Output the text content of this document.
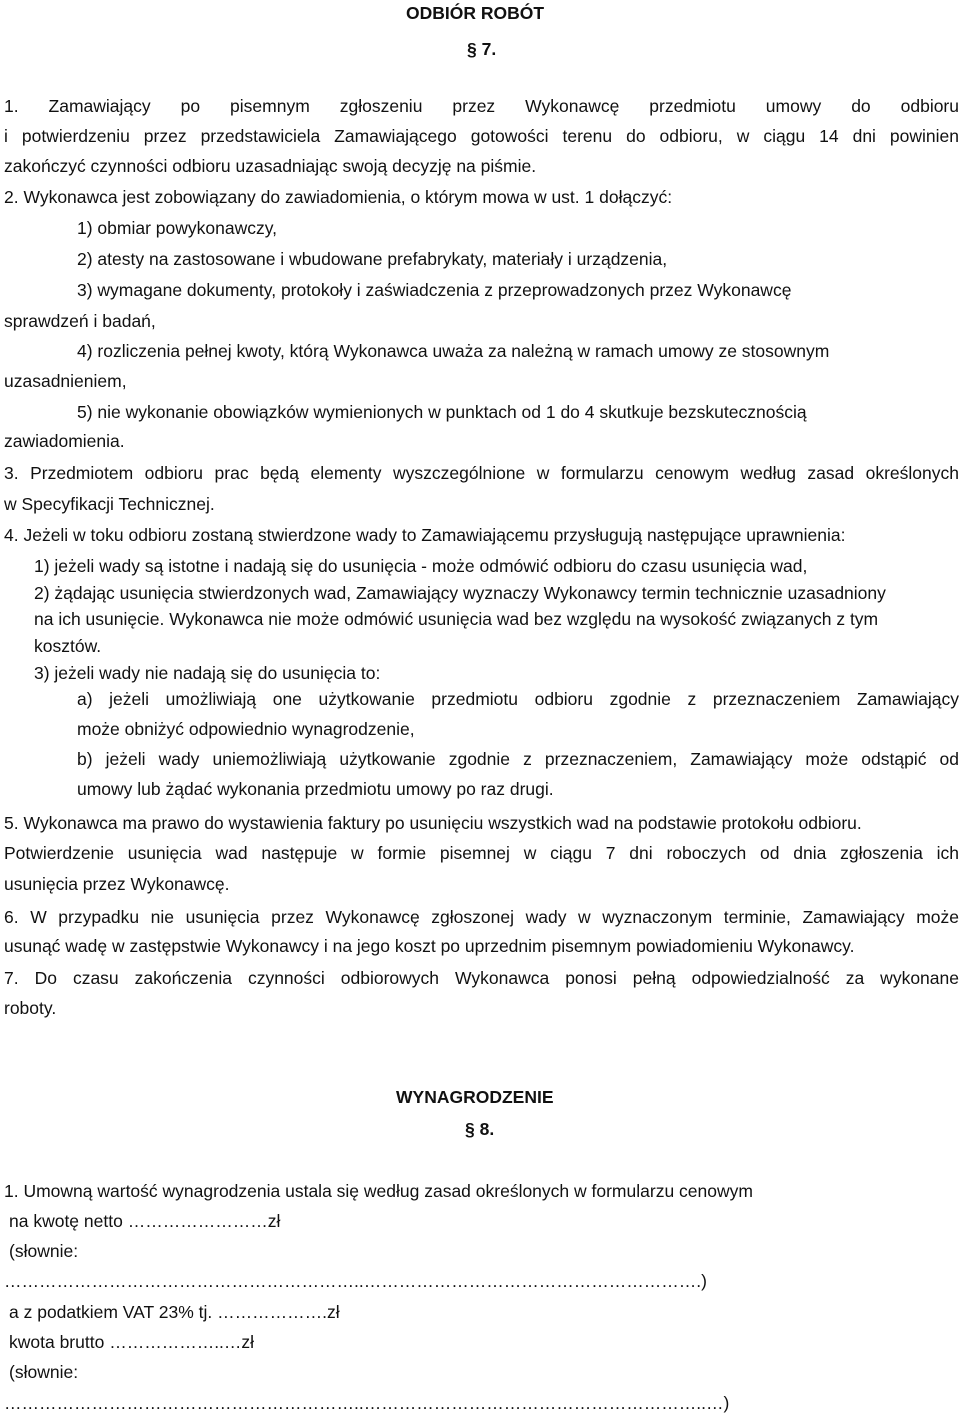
ODBIÓR ROBÓT
§ 7.
1. Zamawiający po pisemnym zgłoszeniu przez Wykonawcę przedmiotu umowy do odbioru
i potwierdzeniu przez przedstawiciela Zamawiającego gotowości terenu do odbioru, w ciągu 14 dni powinien
zakończyć czynności odbioru uzasadniając swoją decyzję na piśmie.
2. Wykonawca jest zobowiązany do zawiadomienia, o którym mowa w ust. 1 dołączyć:
1) obmiar powykonawczy,
2) atesty na zastosowane i wbudowane prefabrykaty, materiały i urządzenia,
3) wymagane dokumenty, protokoły i zaświadczenia z przeprowadzonych przez Wykonawcę
sprawdzeń i badań,
4) rozliczenia pełnej kwoty, którą Wykonawca uważa za należną w ramach umowy ze stosownym
uzasadnieniem,
5) nie wykonanie obowiązków wymienionych w punktach od 1 do 4 skutkuje bezskutecznością
zawiadomienia.
3. Przedmiotem odbioru prac będą elementy wyszczególnione w formularzu cenowym według zasad określonych
w Specyfikacji Technicznej.
4. Jeżeli w toku odbioru zostaną stwierdzone wady to Zamawiającemu przysługują następujące uprawnienia:
1) jeżeli wady są istotne i nadają się do usunięcia - może odmówić odbioru do czasu usunięcia wad,
2) żądając usunięcia stwierdzonych wad, Zamawiający wyznaczy Wykonawcy termin technicznie uzasadniony
na ich usunięcie. Wykonawca nie może odmówić usunięcia wad bez względu na wysokość związanych z tym
kosztów.
3) jeżeli wady nie nadają się do usunięcia to:
a) jeżeli umożliwiają one użytkowanie przedmiotu odbioru zgodnie z przeznaczeniem Zamawiający
może obniżyć odpowiednio wynagrodzenie,
b) jeżeli wady uniemożliwiają użytkowanie zgodnie z przeznaczeniem, Zamawiający może odstąpić od
umowy lub żądać wykonania przedmiotu umowy po raz drugi.
5. Wykonawca ma prawo do wystawienia faktury po usunięciu wszystkich wad na podstawie protokołu odbioru.
Potwierdzenie usunięcia wad następuje w formie pisemnej w ciągu 7 dni roboczych od dnia zgłoszenia ich
usunięcia przez Wykonawcę.
6. W przypadku nie usunięcia przez Wykonawcę zgłoszonej wady w wyznaczonym terminie, Zamawiający może
usunąć wadę w zastępstwie Wykonawcy i na jego koszt po uprzednim pisemnym powiadomieniu Wykonawcy.
7. Do czasu zakończenia czynności odbiorowych Wykonawca ponosi pełną odpowiedzialność za wykonane
roboty.
WYNAGRODZENIE
§ 8.
1. Umowną wartość wynagrodzenia ustala się według zasad określonych w formularzu cenowym
na kwotę netto ……………………zł
(słownie:
……………………………………………………..………………………………………………….)
a z podatkiem VAT 23% tj. ……………….zł
kwota brutto ………………..…zł
(słownie:
……………………………………………………..…………………………………………………..…)
